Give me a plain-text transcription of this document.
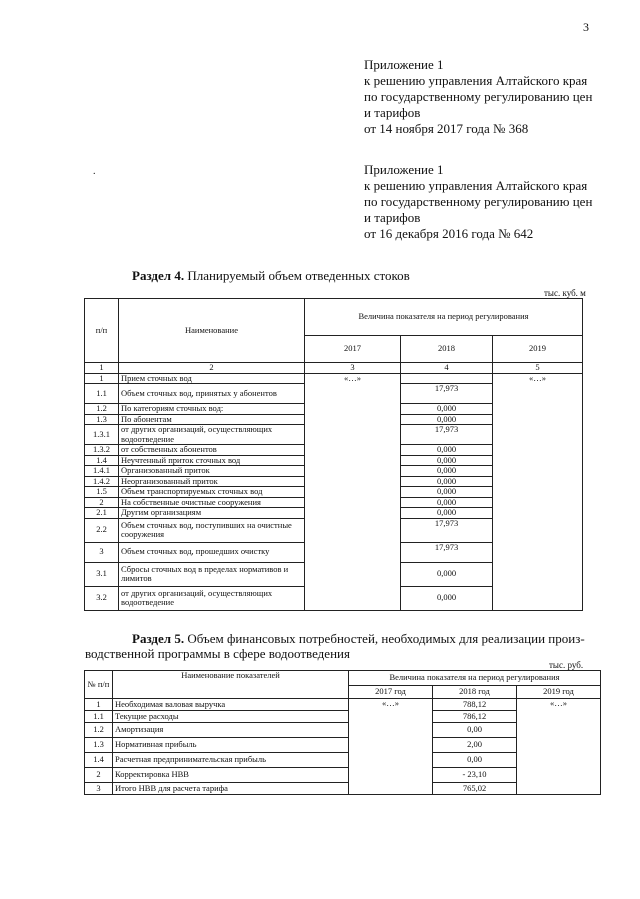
3
Приложение 1
к решению управления Алтайского края
по государственному регулированию цен
и тарифов
от 14 ноября 2017 года № 368
.	Приложение 1
к решению управления Алтайского края
по государственному регулированию цен
и тарифов
от 16 декабря 2016 года № 642
Раздел 4. Планируемый объем отведенных стоков
тыс. куб. м
п/п	Наименование	Величина показателя на период регулирования		
		2017	2018	2019
1	2	3	4	5
1	Прием сточных вод	«…»		«…»
1.1	Объем сточных вод, принятых у абонентов		17,973	
1.2	По категориям сточных вод:		0,000	
1.3	По абонентам		0,000	
1.3.1	от других организаций, осуществляющих водоотведение		17,973	
1.3.2	от собственных абонентов		0,000	
1.4	Неучтенный приток сточных вод		0,000	
1.4.1	Организованный приток		0,000	
1.4.2	Неорганизованный приток		0,000	
1.5	Объем транспортируемых сточных вод		0,000	
2	На собственные очистные сооружения		0,000	
2.1	Другим организациям		0,000	
2.2	Объем сточных вод, поступивших на очистные сооружения		17,973	
3	Объем сточных вод, прошедших очистку		17,973	
3.1	Сбросы сточных вод в пределах нормативов и лимитов		0,000	
3.2	от других организаций, осуществляющих водоотведение		0,000	
Раздел 5. Объем финансовых потребностей, необходимых для реализации произ-
водственной программы в сфере водоотведения
тыс. руб.
№ п/п	Наименование показателей	Величина показателя на период регулирования		
		2017 год	2018 год	2019 год
1	Необходимая валовая выручка	«…»	788,12	«…»
1.1	Текущие расходы		786,12	
1.2	Амортизация		0,00	
1.3	Нормативная прибыль		2,00	
1.4	Расчетная предпринимательская прибыль		0,00	
2	Корректировка НВВ		- 23,10	
3	Итого НВВ для расчета тарифа		765,02	
